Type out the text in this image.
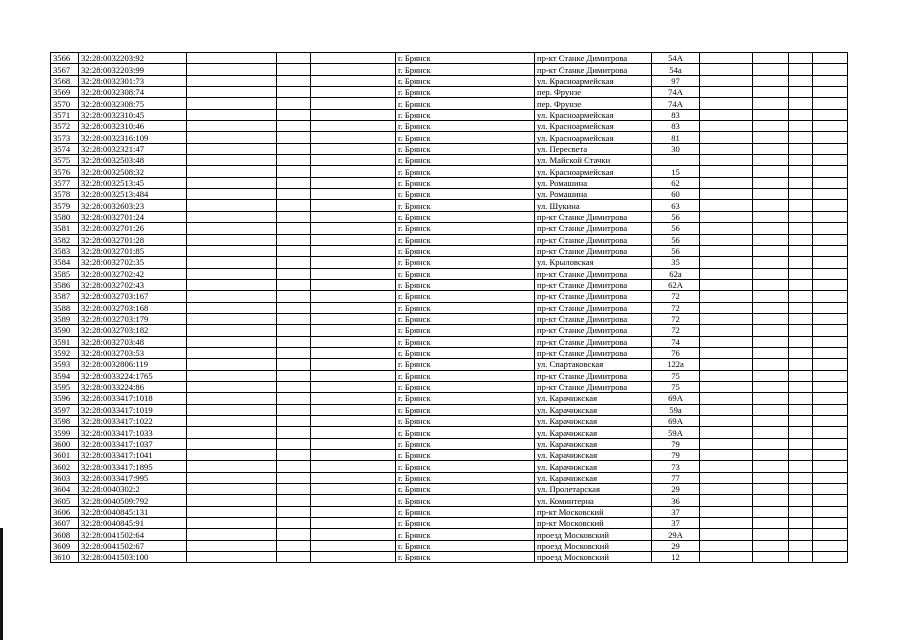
3566	32:28:0032203:92				г. Брянск	пр-кт Станке Димитрова	54А				
3567	32:28:0032203:99				г. Брянск	пр-кт Станке Димитрова	54а				
3568	32:28:0032301:73				г. Брянск	ул. Красноармейская	97				
3569	32:28:0032308:74				г. Брянск	пер. Фрунзе	74А				
3570	32:28:0032308:75				г. Брянск	пер. Фрунзе	74А				
3571	32:28:0032310:45				г. Брянск	ул. Красноармейская	83				
3572	32:28:0032310:46				г. Брянск	ул. Красноармейская	83				
3573	32:28:0032316:109				г. Брянск	ул. Красноармейская	81				
3574	32:28:0032321:47				г. Брянск	ул. Пересвета	30				
3575	32:28:0032503:48				г. Брянск	ул. Майской Стачки					
3576	32:28:0032508:32				г. Брянск	ул. Красноармейская	15				
3577	32:28:0032513:45				г. Брянск	ул. Ромашина	62				
3578	32:28:0032513:484				г. Брянск	ул. Ромашина	60				
3579	32:28:0032603:23				г. Брянск	ул. Шукина	63				
3580	32:28:0032701:24				г. Брянск	пр-кт Станке Димитрова	56				
3581	32:28:0032701:26				г. Брянск	пр-кт Станке Димитрова	56				
3582	32:28:0032701:28				г. Брянск	пр-кт Станке Димитрова	56				
3583	32:28:0032701:85				г. Брянск	пр-кт Станке Димитрова	56				
3584	32:28:0032702:35				г. Брянск	ул. Крыловская	35				
3585	32:28:0032702:42				г. Брянск	пр-кт Станке Димитрова	62а				
3586	32:28:0032702:43				г. Брянск	пр-кт Станке Димитрова	62А				
3587	32:28:0032703:167				г. Брянск	пр-кт Станке Димитрова	72				
3588	32:28:0032703:168				г. Брянск	пр-кт Станке Димитрова	72				
3589	32:28:0032703:179				г. Брянск	пр-кт Станке Димитрова	72				
3590	32:28:0032703:182				г. Брянск	пр-кт Станке Димитрова	72				
3591	32:28:0032703:48				г. Брянск	пр-кт Станке Димитрова	74				
3592	32:28:0032703:53				г. Брянск	пр-кт Станке Димитрова	76				
3593	32:28:0032806:119				г. Брянск	ул. Спартаковская	122а				
3594	32:28:0033224:1765				г. Брянск	пр-кт Станке Димитрова	75				
3595	32:28:0033224:86				г. Брянск	пр-кт Станке Димитрова	75				
3596	32:28:0033417:1018				г. Брянск	ул. Карачижская	69А				
3597	32:28:0033417:1019				г. Брянск	ул. Карачижская	59а				
3598	32:28:0033417:1022				г. Брянск	ул. Карачижская	69А				
3599	32:28:0033417:1033				г. Брянск	ул. Карачижская	59А				
3600	32:28:0033417:1037				г. Брянск	ул. Карачижская	79				
3601	32:28:0033417:1041				г. Брянск	ул. Карачижская	79				
3602	32:28:0033417:1895				г. Брянск	ул. Карачижская	73				
3603	32:28:0033417:995				г. Брянск	ул. Карачижская	77				
3604	32:28:0040302:2				г. Брянск	ул. Пролетарская	29				
3605	32:28:0040509:792				г. Брянск	ул. Коминтерна	36				
3606	32:28:0040845:131				г. Брянск	пр-кт Московский	37				
3607	32:28:0040845:91				г. Брянск	пр-кт Московский	37				
3608	32:28:0041502:64				г. Брянск	проезд Московский	29А				
3609	32:28:0041502:67				г. Брянск	проезд Московский	29				
3610	32:28:0041503:100				г. Брянск	проезд Московский	12				
